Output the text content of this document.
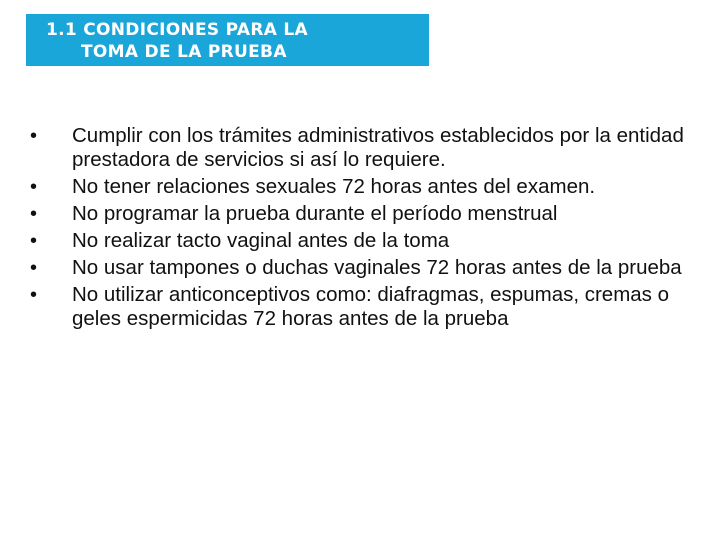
1.1 CONDICIONES PARA LA
TOMA DE LA PRUEBA
•	Cumplir con los trámites administrativos establecidos por la entidad prestadora de servicios si así lo requiere.
•	No tener relaciones sexuales 72 horas antes del examen.
•	No programar la prueba durante el período menstrual
•	No realizar tacto vaginal antes de la toma
•	No usar tampones o duchas vaginales 72 horas antes de la prueba
•	No utilizar anticonceptivos como: diafragmas, espumas, cremas o geles espermicidas 72 horas antes de la prueba
